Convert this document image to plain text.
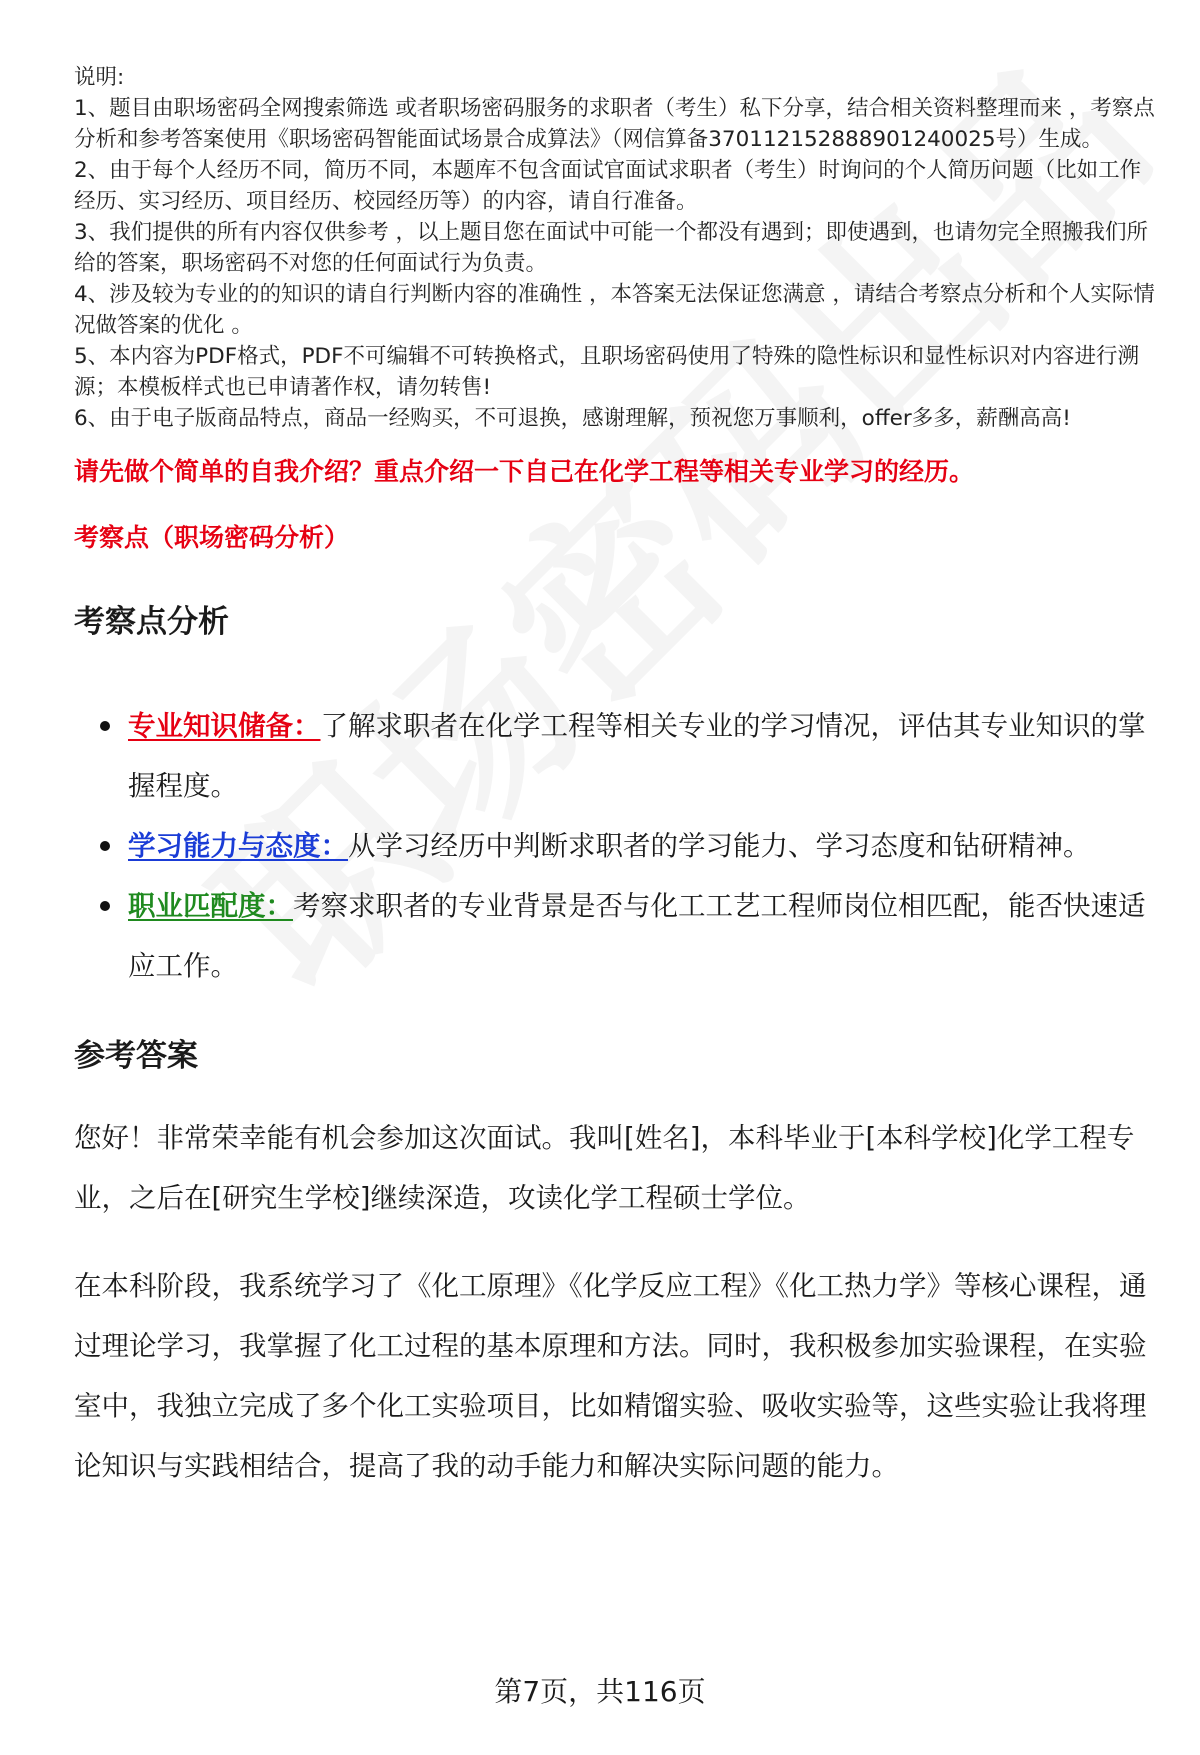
说明:
1、题目由职场密码全网搜索筛选 或者职场密码服务的求职者（考生）私下分享，结合相关资料整理而来 ，考察点分析和参考答案使用《职场密码智能面试场景合成算法》（网信算备370112152888901240025号）生成。
2、由于每个人经历不同，简历不同，本题库不包含面试官面试求职者（考生）时询问的个人简历问题（比如工作经历、实习经历、项目经历、校园经历等）的内容，请自行准备。
3、我们提供的所有内容仅供参考 ，以上题目您在面试中可能一个都没有遇到；即使遇到，也请勿完全照搬我们所给的答案，职场密码不对您的任何面试行为负责。
4、涉及较为专业的的知识的请自行判断内容的准确性 ，本答案无法保证您满意 ，请结合考察点分析和个人实际情况做答案的优化 。
5、本内容为PDF格式，PDF不可编辑不可转换格式，且职场密码使用了特殊的隐性标识和显性标识对内容进行溯源；本模板样式也已申请著作权，请勿转售!
6、由于电子版商品特点，商品一经购买，不可退换，感谢理解，预祝您万事顺利，offer多多，薪酬高高!
请先做个简单的自我介绍？重点介绍一下自己在化学工程等相关专业学习的经历。
考察点（职场密码分析）
考察点分析
专业知识储备：了解求职者在化学工程等相关专业的学习情况，评估其专业知识的掌握程度。
学习能力与态度：从学习经历中判断求职者的学习能力、学习态度和钻研精神。
职业匹配度：考察求职者的专业背景是否与化工工艺工程师岗位相匹配，能否快速适应工作。
参考答案

您好！非常荣幸能有机会参加这次面试。我叫[姓名]，本科毕业于[本科学校]化学工程专业，之后在[研究生学校]继续深造，攻读化学工程硕士学位。

在本科阶段，我系统学习了《化工原理》《化学反应工程》《化工热力学》等核心课程，通过理论学习，我掌握了化工过程的基本原理和方法。同时，我积极参加实验课程，在实验室中，我独立完成了多个化工实验项目，比如精馏实验、吸收实验等，这些实验让我将理论知识与实践相结合，提高了我的动手能力和解决实际问题的能力。

第7页，共116页
